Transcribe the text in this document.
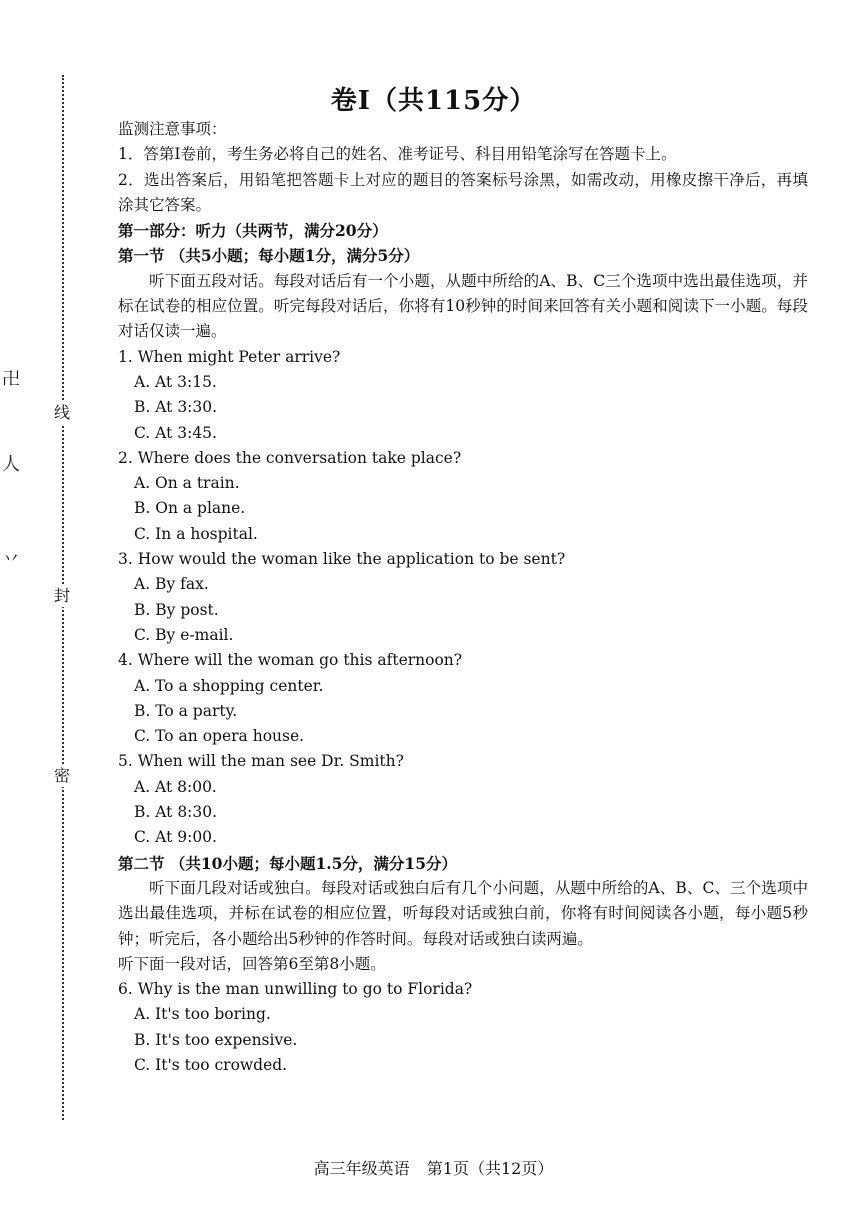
线
封
密
卍
人
丷
卷Ⅰ（共115分）
监测注意事项：
1．答第Ⅰ卷前，考生务必将自己的姓名、准考证号、科目用铅笔涂写在答题卡上。
2．选出答案后，用铅笔把答题卡上对应的题目的答案标号涂黑，如需改动，用橡皮擦干净后，再填涂其它答案。
第一部分：听力（共两节，满分20分）
第一节 （共5小题；每小题1分，满分5分）
听下面五段对话。每段对话后有一个小题，从题中所给的A、B、C三个选项中选出最佳选项，并标在试卷的相应位置。听完每段对话后，你将有10秒钟的时间来回答有关小题和阅读下一小题。每段对话仅读一遍。
1. When might Peter arrive?
A. At 3:15.
B. At 3:30.
C. At 3:45.
2. Where does the conversation take place?
A. On a train.
B. On a plane.
C. In a hospital.
3. How would the woman like the application to be sent?
A. By fax.
B. By post.
C. By e-mail.
4. Where will the woman go this afternoon?
A. To a shopping center.
B. To a party.
C. To an opera house.
5. When will the man see Dr. Smith?
A. At 8:00.
B. At 8:30.
C. At 9:00.
第二节 （共10小题；每小题1.5分，满分15分）
听下面几段对话或独白。每段对话或独白后有几个小问题，从题中所给的A、B、C、三个选项中选出最佳选项，并标在试卷的相应位置，听每段对话或独白前，你将有时间阅读各小题，每小题5秒钟；听完后，各小题给出5秒钟的作答时间。每段对话或独白读两遍。
听下面一段对话，回答第6至第8小题。
6. Why is the man unwilling to go to Florida?
A. It's too boring.
B. It's too expensive.
C. It's too crowded.
高三年级英语 第1页（共12页）
